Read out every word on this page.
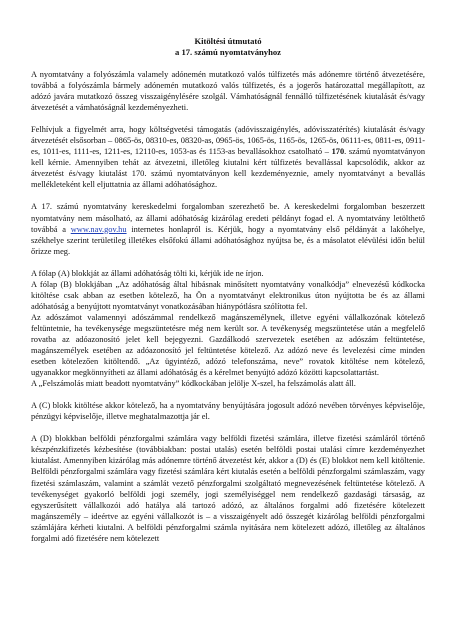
Kitöltési útmutató

a 17. számú nyomtatványhoz

A nyomtatvány a folyószámla valamely adónemén mutatkozó valós túlfizetés más adónemre történő átvezetésére, továbbá a folyószámla bármely adónemén mutatkozó valós túlfizetés, és a jogerős határozattal megállapított, az adózó javára mutatkozó összeg visszaigénylésére szolgál. Vámhatóságnál fennálló túlfizetésének kiutalását és/vagy átvezetését a vámhatóságnál kezdeményezheti.

Felhívjuk a figyelmét arra, hogy költségvetési támogatás (adóvisszaigénylés, adóvisszatérítés) kiutalását és/vagy átvezetését elsősorban – 0865-ös, 08310-es, 08320-as, 0965-ös, 1065-ös, 1165-ös, 1265-ös, 06111-es, 0811-es, 0911-es, 1011-es, 1111-es, 1211-es, 12110-es, 1053-as és 1153-as bevallásokhoz csatolható – 170. számú nyomtatványon kell kérnie. Amennyiben tehát az átvezetni, illetőleg kiutalni kért túlfizetés bevallással kapcsolódik, akkor az átvezetést és/vagy kiutalást 170. számú nyomtatványon kell kezdeményeznie, amely nyomtatványt a bevallás mellékleteként kell eljuttatnia az állami adóhatósághoz.

A 17. számú nyomtatvány kereskedelmi forgalomban szerezhető be. A kereskedelmi forgalomban beszerzett nyomtatvány nem másolható, az állami adóhatóság kizárólag eredeti példányt fogad el. A nyomtatvány letölthető továbbá a www.nav.gov.hu internetes honlapról is. Kérjük, hogy a nyomtatvány első példányát a lakóhelye, székhelye szerint területileg illetékes elsőfokú állami adóhatósághoz nyújtsa be, és a másolatot elévülési időn belül őrizze meg.

A fólap (A) blokkját az állami adóhatóság tölti ki, kérjük ide ne írjon.

A fólap (B) blokkjában „Az adóhatóság által hibásnak minősített nyomtatvány vonalkódja” elnevezésű kódkocka kitöltése csak abban az esetben kötelező, ha Ön a nyomtatványt elektronikus úton nyújtotta be és az állami adóhatóság a benyújtott nyomtatványt vonatkozásában hiánypótlásra szólította fel.

Az adószámot valamennyi adószámmal rendelkező magánszemélynek, illetve egyéni vállalkozónak kötelező feltüntetnie, ha tevékenysége megszüntetésre még nem került sor. A tevékenység megszüntetése után a megfelelő rovatba az adóazonosító jelet kell bejegyezni. Gazdálkodó szervezetek esetében az adószám feltüntetése, magánszemélyek esetében az adóazonosító jel feltüntetése kötelező. Az adózó neve és levelezési címe minden esetben kötelezően kitöltendő. „Az ügyintéző, adózó telefonszáma, neve” rovatok kitöltése nem kötelező, ugyanakkor megkönnyítheti az állami adóhatóság és a kérelmet benyújtó adózó közötti kapcsolattartást.

A „Felszámolás miatt beadott nyomtatvány” kódkockában jelölje X-szel, ha felszámolás alatt áll.

A (C) blokk kitöltése akkor kötelező, ha a nyomtatvány benyújtására jogosult adózó nevében törvényes képviselője, pénzügyi képviselője, illetve meghatalmazottja jár el.

A (D) blokkban belföldi pénzforgalmi számlára vagy belföldi fizetési számlára, illetve fizetési számláról történő készpénzkifizetés kézbesítése (továbbiakban: postai utalás) esetén belföldi postai utalási címre kezdeményezhet kiutalást. Amennyiben kizárólag más adónemre történő átvezetést kér, akkor a (D) és (E) blokkot nem kell kitöltenie. Belföldi pénzforgalmi számlára vagy fizetési számlára kért kiutalás esetén a belföldi pénzforgalmi számlaszám, vagy fizetési számlaszám, valamint a számlát vezető pénzforgalmi szolgáltató megnevezésének feltüntetése kötelező. A tevékenységet gyakorló belföldi jogi személy, jogi személyiséggel nem rendelkező gazdasági társaság, az egyszerűsített vállalkozói adó hatálya alá tartozó adózó, az általános forgalmi adó fizetésére kötelezett magánszemély – ideértve az egyéni vállalkozót is – a visszaigényelt adó összegét kizárólag belföldi pénzforgalmi számlájára kérheti kiutalni. A belföldi pénzforgalmi számla nyitására nem kötelezett adózó, illetőleg az általános forgalmi adó fizetésére nem kötelezett
